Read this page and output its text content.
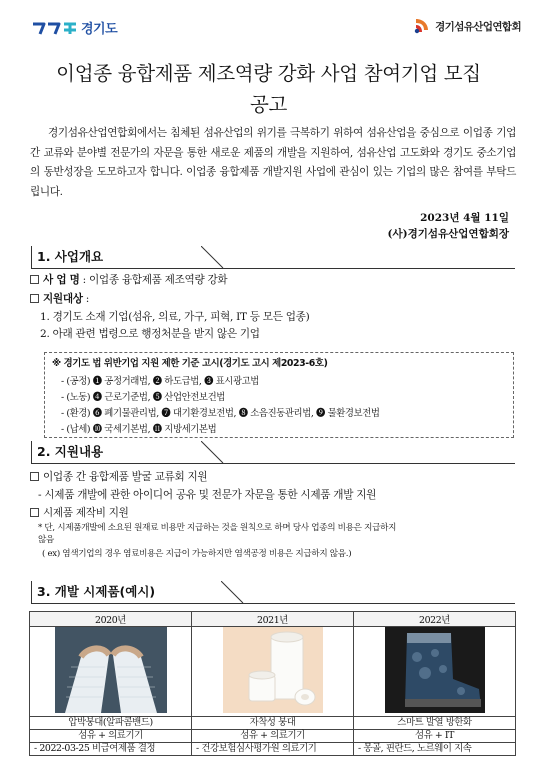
경기도	경기섬유산업연합회
이업종 융합제품 제조역량 강화 사업 참여기업 모집
공고
경기섬유산업연합회에서는 침체된 섬유산업의 위기를 극복하기 위하여 섬유산업을 중심으로 이업종 기업 간 교류와 분야별 전문가의 자문을 통한 새로운 제품의 개발을 지원하여, 섬유산업 고도화와 경기도 중소기업의 동반성장을 도모하고자 합니다. 이업종 융합제품 개발지원 사업에 관심이 있는 기업의 많은 참여를 부탁드립니다.
2023년 4월 11일
(사)경기섬유산업연합회장
1. 사업개요
사 업 명 : 이업종 융합제품 제조역량 강화
지원대상 :
1. 경기도 소재 기업(섬유, 의료, 가구, 피혁, IT 등 모든 업종)
2. 아래 관련 법령으로 행정처분을 받지 않은 기업
※ 경기도 법 위반기업 지원 제한 기준 고시(경기도 고시 제2023-6호)
- (공정) ❶ 공정거래법, ❷ 하도급법, ❸ 표시광고법
- (노동) ❹ 근로기준법, ❺ 산업안전보건법
- (환경) ❻ 폐기물관리법, ❼ 대기환경보전법, ❽ 소음진동관리법, ❾ 물환경보전법
- (납세) ❿ 국세기본법, ⓫ 지방세기본법
2. 지원내용
이업종 간 융합제품 발굴 교류회 지원
- 시제품 개발에 관한 아이디어 공유 및 전문가 자문을 통한 시제품 개발 지원
시제품 제작비 지원
* 단, 시제품개발에 소요된 원재료 비용만 지급하는 것을 원칙으로 하며 당사 업종의 비용은 지급하지
않음
( ex) 염색기업의 경우 염료비용은 지급이 가능하지만 염색공정 비용은 지급하지 않음.)
3. 개발 시제품(예시)
2020년	2021년	2022년

압박붕대(알파콤밴드)	자착성 붕대	스마트 발열 방한화
섬유 + 의료기기	섬유 + 의료기기	섬유 + IT
- 2022-03-25 비급여제품 결정	- 건강보험심사평가원 의료기기	- 몽골, 핀란드, 노르웨이 지속
